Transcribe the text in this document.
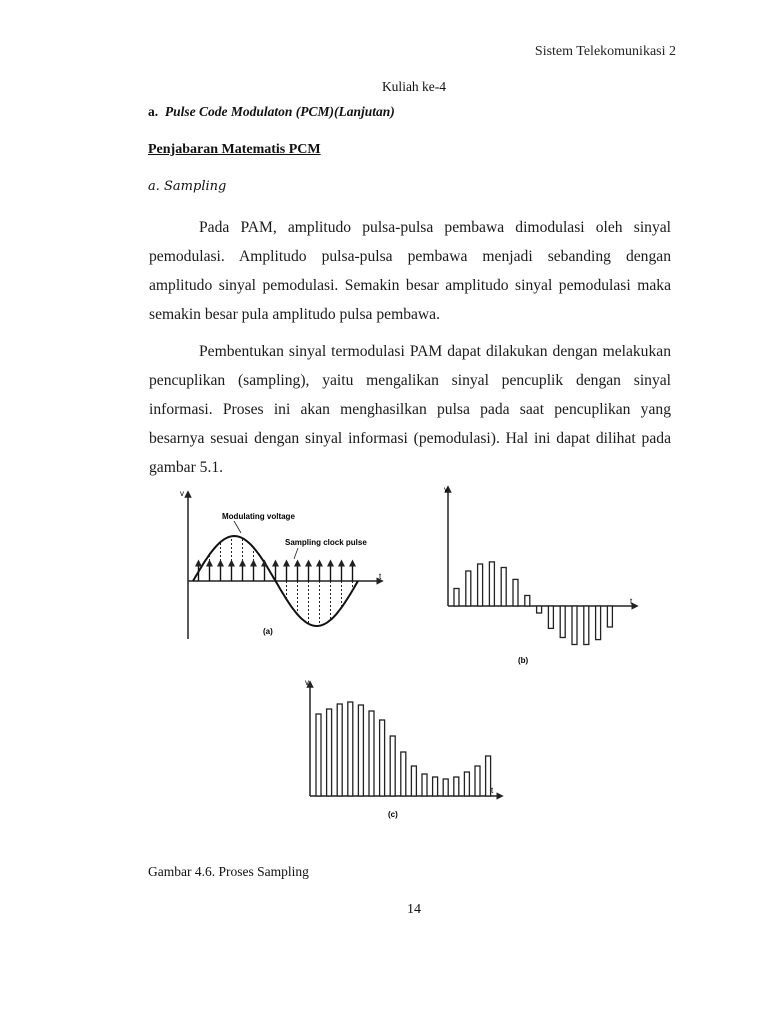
Sistem Telekomunikasi 2
Kuliah ke-4
a. Pulse Code Modulaton (PCM)(Lanjutan)
Penjabaran Matematis PCM
a. Sampling
Pada PAM, amplitudo pulsa-pulsa pembawa dimodulasi oleh sinyal pemodulasi. Amplitudo pulsa-pulsa pembawa menjadi sebanding dengan amplitudo sinyal pemodulasi. Semakin besar amplitudo sinyal pemodulasi maka semakin besar pula amplitudo pulsa pembawa.
Pembentukan sinyal termodulasi PAM dapat dilakukan dengan melakukan pencuplikan (sampling), yaitu mengalikan sinyal pencuplik dengan sinyal informasi. Proses ini akan menghasilkan pulsa pada saat pencuplikan yang besarnya sesuai dengan sinyal informasi (pemodulasi). Hal ini dapat dilihat pada gambar 5.1.
v
t
Modulating voltage
Sampling clock pulse
(a)
v
t
(b)
v
t
(c)
Gambar 4.6. Proses Sampling
14
